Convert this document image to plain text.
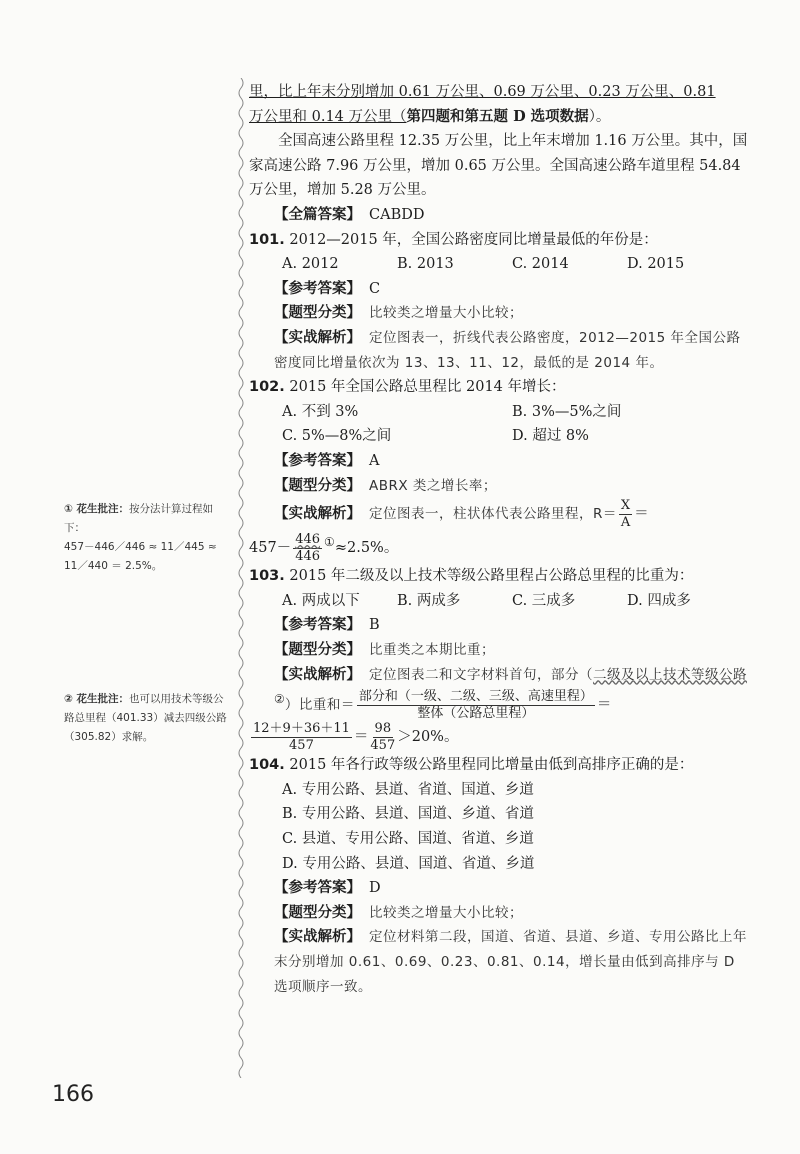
里，比上年末分别增加 0.61 万公里、0.69 万公里、0.23 万公里、0.81

万公里和 0.14 万公里（第四题和第五题 D 选项数据）。

全国高速公路里程 12.35 万公里，比上年末增加 1.16 万公里。其中，国家高速公路 7.96 万公里，增加 0.65 万公里。全国高速公路车道里程 54.84 万公里，增加 5.28 万公里。

【全篇答案】 CABDD

101. 2012—2015 年，全国公路密度同比增量最低的年份是：

A. 2012	B. 2013	C. 2014	D. 2015

【参考答案】 C

【题型分类】 比较类之增量大小比较；

【实战解析】 定位图表一，折线代表公路密度，2012—2015 年全国公路密度同比增量依次为 13、13、11、12，最低的是 2014 年。

102. 2015 年全国公路总里程比 2014 年增长：

A. 不到 3%	B. 3%—5%之间
C. 5%—8%之间	D. 超过 8%

【参考答案】 A

【题型分类】 ABRX 类之增长率；

【实战解析】 定位图表一，柱状体代表公路里程，$R= \frac{X}{A}$ ＝

$457- \frac{446}{446} ^①\approx 2.5\%$。

103. 2015 年二级及以上技术等级公路里程占公路总里程的比重为：

A. 两成以下	B. 两成多	C. 三成多	D. 四成多

【参考答案】 B

【题型分类】 比重类之本期比重；

【实战解析】 定位图表二和文字材料首句，部分（二级及以上技术等级公路②）比重和＝ $\frac{\text{部分和（一级、二级、三级、高速里程）}}{\text{整体（公路总里程）}}$ ＝

$\frac{12+9+36+11}{457} = \frac{98}{457} >20\%$。

104. 2015 年各行政等级公路里程同比增量由低到高排序正确的是：

A. 专用公路、县道、省道、国道、乡道

B. 专用公路、县道、国道、乡道、省道

C. 县道、专用公路、国道、省道、乡道

D. 专用公路、县道、国道、省道、乡道

【参考答案】 D

【题型分类】 比较类之增量大小比较；

【实战解析】 定位材料第二段，国道、省道、县道、乡道、专用公路比上年末分别增加 0.61、0.69、0.23、0.81、0.14，增长量由低到高排序与 D 选项顺序一致。

① 花生批注：按分法计算过程如下：
457－446／446 ≈ 11／445 ≈ 11／440 ＝ 2.5%。
② 花生批注：也可以用技术等级公路总里程（401.33）减去四级公路（305.82）求解。
166
